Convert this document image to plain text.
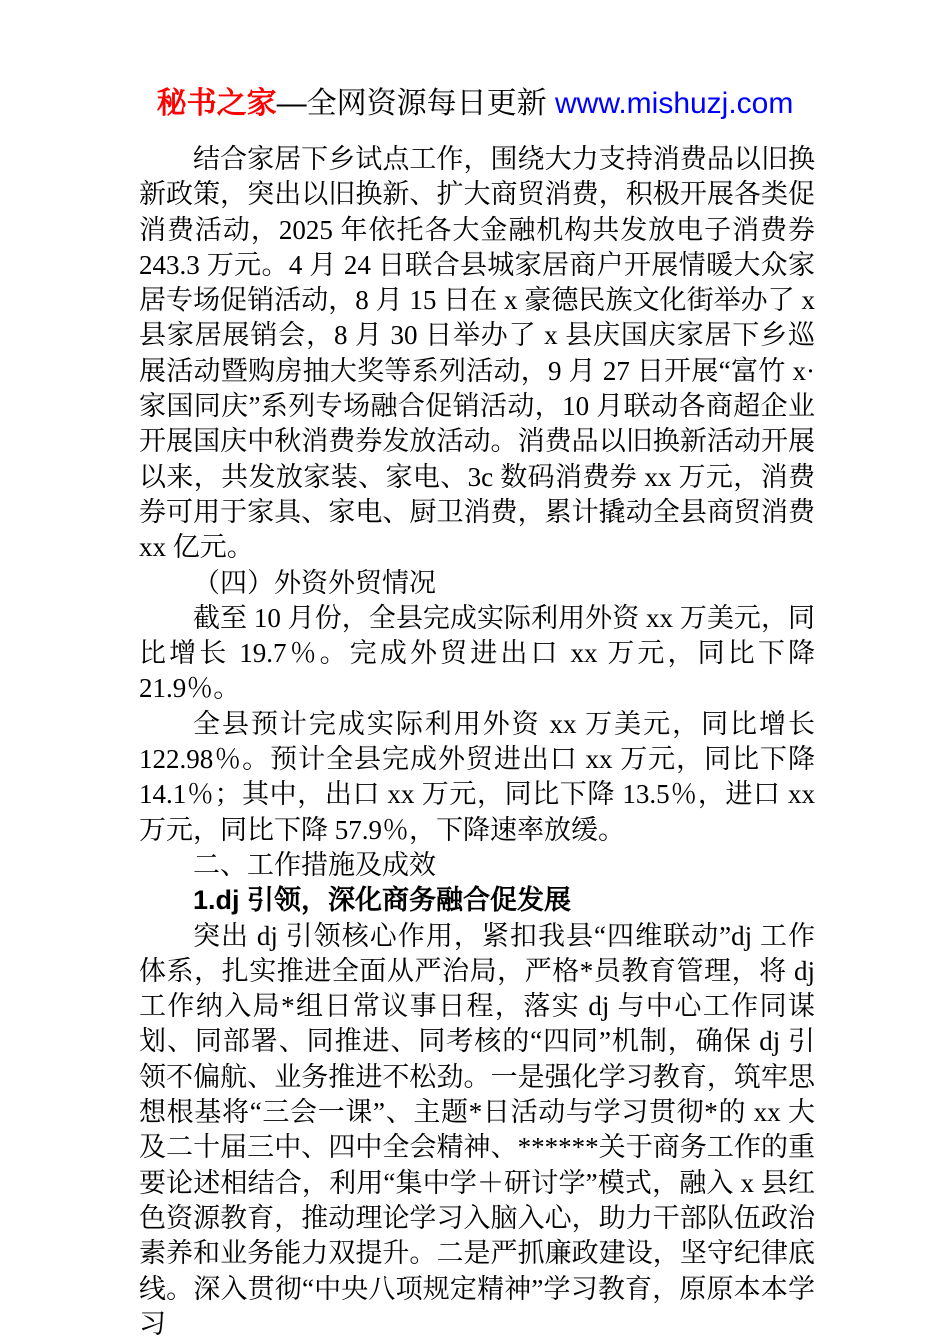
秘书之家—全网资源每日更新 www.mishuzj.com

结合家居下乡试点工作，围绕大力支持消费品以旧换新政策，突出以旧换新、扩大商贸消费，积极开展各类促消费活动，2025 年依托各大金融机构共发放电子消费券 243.3 万元。4 月 24 日联合县城家居商户开展情暖大众家居专场促销活动，8 月 15 日在 x 豪德民族文化街举办了 x 县家居展销会，8 月 30 日举办了 x 县庆国庆家居下乡巡展活动暨购房抽大奖等系列活动，9 月 27 日开展“富竹 x·家国同庆”系列专场融合促销活动，10 月联动各商超企业开展国庆中秋消费券发放活动。消费品以旧换新活动开展以来，共发放家装、家电、3c 数码消费券 xx 万元，消费券可用于家具、家电、厨卫消费，累计撬动全县商贸消费 xx 亿元。

（四）外资外贸情况

截至 10 月份，全县完成实际利用外资 xx 万美元，同比增长 19.7％。完成外贸进出口 xx 万元，同比下降 21.9％。

全县预计完成实际利用外资 xx 万美元，同比增长 122.98％。预计全县完成外贸进出口 xx 万元，同比下降 14.1％；其中，出口 xx 万元，同比下降 13.5％，进口 xx 万元，同比下降 57.9％，下降速率放缓。

二、工作措施及成效

1.dj 引领，深化商务融合促发展

突出 dj 引领核心作用，紧扣我县“四维联动”dj 工作体系，扎实推进全面从严治局，严格*员教育管理，将 dj 工作纳入局*组日常议事日程，落实 dj 与中心工作同谋划、同部署、同推进、同考核的“四同”机制，确保 dj 引领不偏航、业务推进不松劲。一是强化学习教育，筑牢思想根基将“三会一课”、主题*日活动与学习贯彻*的 xx 大及二十届三中、四中全会精神、******关于商务工作的重要论述相结合，利用“集中学＋研讨学”模式，融入 x 县红色资源教育，推动理论学习入脑入心，助力干部队伍政治素养和业务能力双提升。二是严抓廉政建设，坚守纪律底线。深入贯彻“中央八项规定精神”学习教育，原原本本学习
